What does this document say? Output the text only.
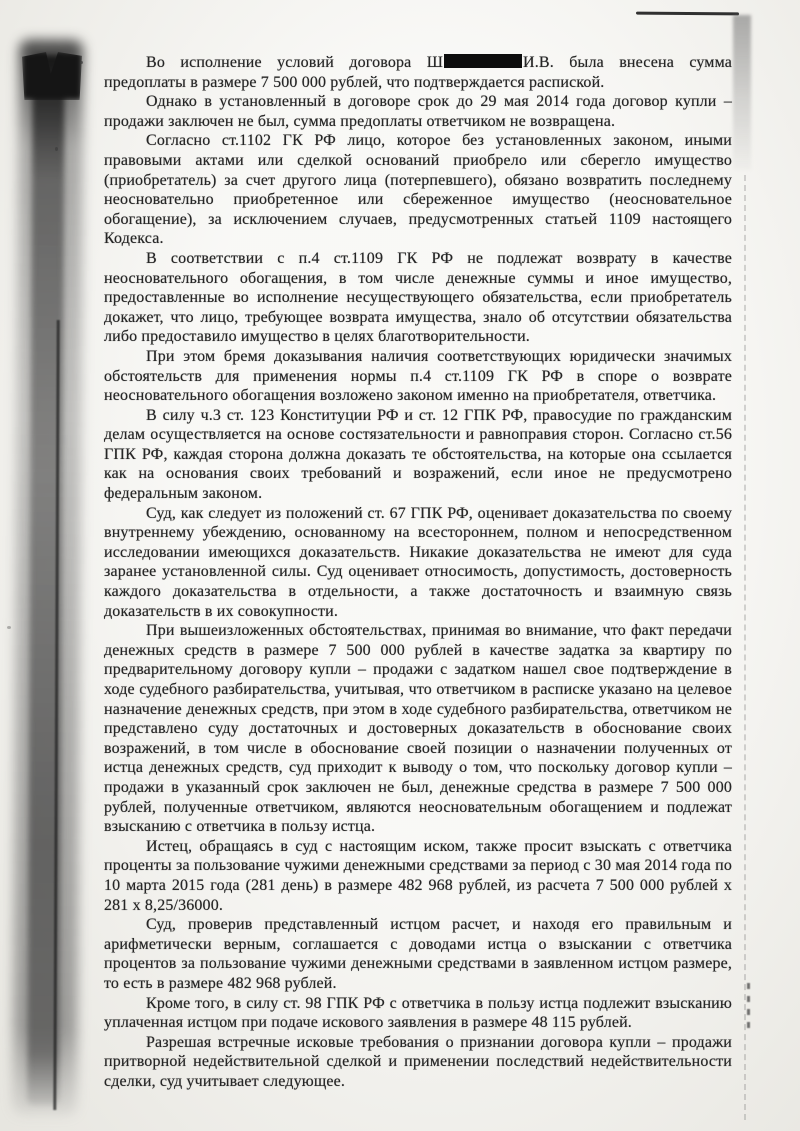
Во исполнение условий договора Ш	И.В. была внесена сумма предоплаты в размере 7 500 000 рублей, что подтверждается распиской.

Однако в установленный в договоре срок до 29 мая 2014 года договор купли – продажи заключен не был, сумма предоплаты ответчиком не возвращена.

Согласно ст.1102 ГК РФ лицо, которое без установленных законом, иными правовыми актами или сделкой оснований приобрело или сберегло имущество (приобретатель) за счет другого лица (потерпевшего), обязано возвратить последнему неосновательно приобретенное или сбереженное имущество (неосновательное обогащение), за исключением случаев, предусмотренных статьей 1109 настоящего Кодекса.

В соответствии с п.4 ст.1109 ГК РФ не подлежат возврату в качестве неосновательного обогащения, в том числе денежные суммы и иное имущество, предоставленные во исполнение несуществующего обязательства, если приобретатель докажет, что лицо, требующее возврата имущества, знало об отсутствии обязательства либо предоставило имущество в целях благотворительности.

При этом бремя доказывания наличия соответствующих юридически значимых обстоятельств для применения нормы п.4 ст.1109 ГК РФ в споре о возврате неосновательного обогащения возложено законом именно на приобретателя, ответчика.

В силу ч.3 ст. 123 Конституции РФ и ст. 12 ГПК РФ, правосудие по гражданским делам осуществляется на основе состязательности и равноправия сторон. Согласно ст.56 ГПК РФ, каждая сторона должна доказать те обстоятельства, на которые она ссылается как на основания своих требований и возражений, если иное не предусмотрено федеральным законом.

Суд, как следует из положений ст. 67 ГПК РФ, оценивает доказательства по своему внутреннему убеждению, основанному на всестороннем, полном и непосредственном исследовании имеющихся доказательств. Никакие доказательства не имеют для суда заранее установленной силы. Суд оценивает относимость, допустимость, достоверность каждого доказательства в отдельности, а также достаточность и взаимную связь доказательств в их совокупности.

При вышеизложенных обстоятельствах, принимая во внимание, что факт передачи денежных средств в размере 7 500 000 рублей в качестве задатка за квартиру по предварительному договору купли – продажи с задатком нашел свое подтверждение в ходе судебного разбирательства, учитывая, что ответчиком в расписке указано на целевое назначение денежных средств, при этом в ходе судебного разбирательства, ответчиком не представлено суду достаточных и достоверных доказательств в обоснование своих возражений, в том числе в обоснование своей позиции о назначении полученных от истца денежных средств, суд приходит к выводу о том, что поскольку договор купли – продажи в указанный срок заключен не был, денежные средства в размере 7 500 000 рублей, полученные ответчиком, являются неосновательным обогащением и подлежат взысканию с ответчика в пользу истца.

Истец, обращаясь в суд с настоящим иском, также просит взыскать с ответчика проценты за пользование чужими денежными средствами за период с 30 мая 2014 года по 10 марта 2015 года (281 день) в размере 482 968 рублей, из расчета 7 500 000 рублей х 281 х 8,25/36000.

Суд, проверив представленный истцом расчет, и находя его правильным и арифметически верным, соглашается с доводами истца о взыскании с ответчика процентов за пользование чужими денежными средствами в заявленном истцом размере, то есть в размере 482 968 рублей.

Кроме того, в силу ст. 98 ГПК РФ с ответчика в пользу истца подлежит взысканию уплаченная истцом при подаче искового заявления в размере 48 115 рублей.

Разрешая встречные исковые требования о признании договора купли – продажи притворной недействительной сделкой и применении последствий недействительности сделки, суд учитывает следующее.
